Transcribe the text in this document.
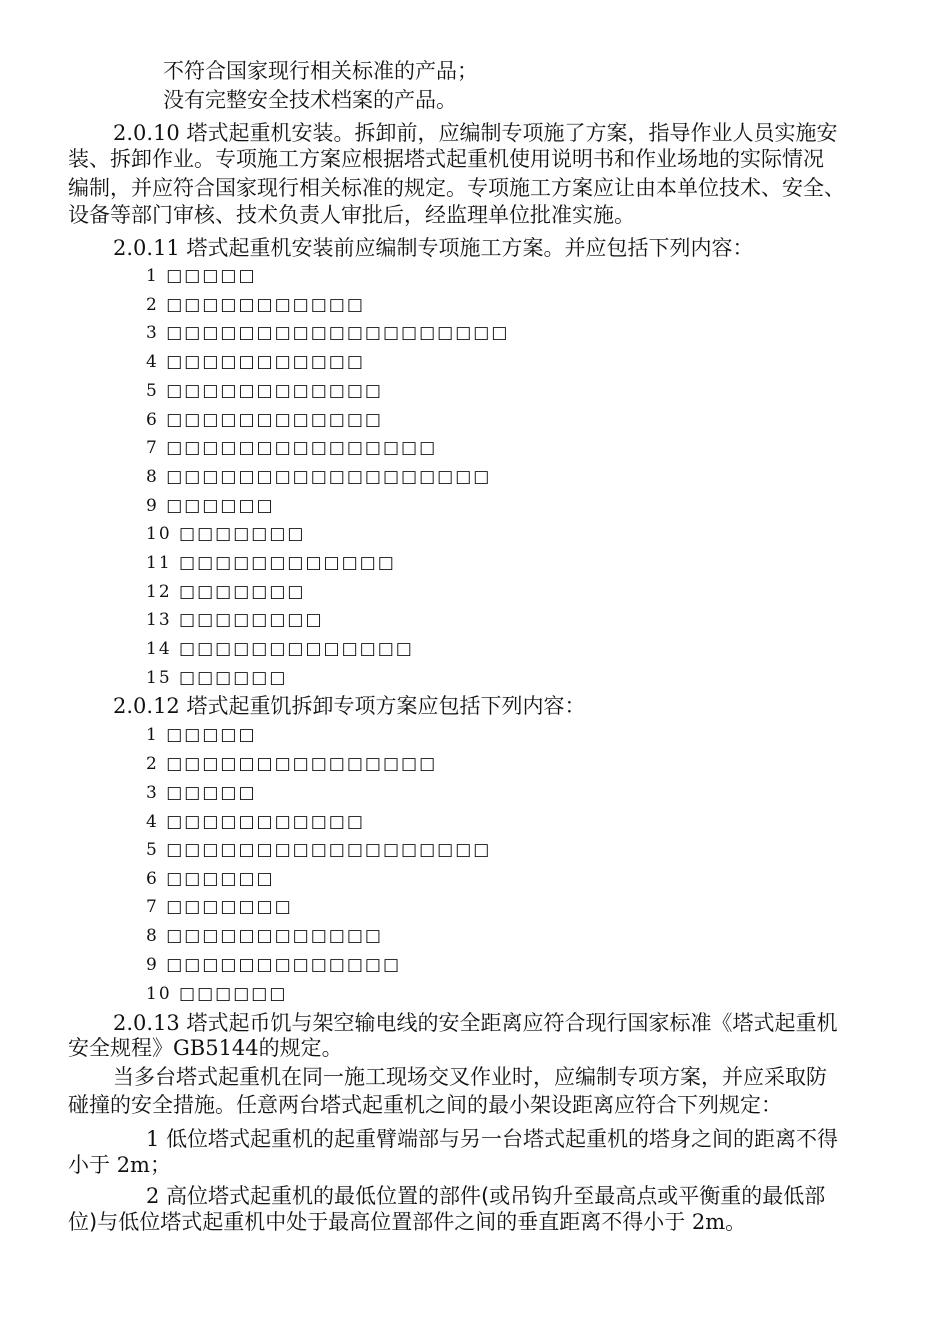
不符合国家现行相关标准的产品；
没有完整安全技术档案的产品。
2.0.10 塔式起重机安装。拆卸前，应编制专项施了方案，指导作业人员实施安
装、拆卸作业。专项施工方案应根据塔式起重机使用说明书和作业场地的实际情况
编制，并应符合国家现行相关标准的规定。专项施工方案应让由本单位技术、安全、
设备等部门审核、技术负责人审批后，经监理单位批准实施。
2.0.11 塔式起重机安装前应编制专项施工方案。并应包括下列内容：
1 □□□□□
2 □□□□□□□□□□□
3 □□□□□□□□□□□□□□□□□□□
4 □□□□□□□□□□□
5 □□□□□□□□□□□□
6 □□□□□□□□□□□□
7 □□□□□□□□□□□□□□□
8 □□□□□□□□□□□□□□□□□□
9 □□□□□□
10 □□□□□□□
11 □□□□□□□□□□□□
12 □□□□□□□
13 □□□□□□□□
14 □□□□□□□□□□□□□
15 □□□□□□
2.0.12 塔式起重饥拆卸专项方案应包括下列内容：
1 □□□□□
2 □□□□□□□□□□□□□□□
3 □□□□□
4 □□□□□□□□□□□
5 □□□□□□□□□□□□□□□□□□
6 □□□□□□
7 □□□□□□□
8 □□□□□□□□□□□□
9 □□□□□□□□□□□□□
10 □□□□□□
2.0.13 塔式起币饥与架空输电线的安全距离应符合现行国家标准《塔式起重机
安全规程》GB5144的规定。
当多台塔式起重机在同一施工现场交叉作业时，应编制专项方案，并应采取防
碰撞的安全措施。任意两台塔式起重机之间的最小架设距离应符合下列规定：
1 低位塔式起重机的起重臂端部与另一台塔式起重机的塔身之间的距离不得
小于 2m；
2 高位塔式起重机的最低位置的部件(或吊钩升至最高点或平衡重的最低部
位)与低位塔式起重机中处于最高位置部件之间的垂直距离不得小于 2m。
